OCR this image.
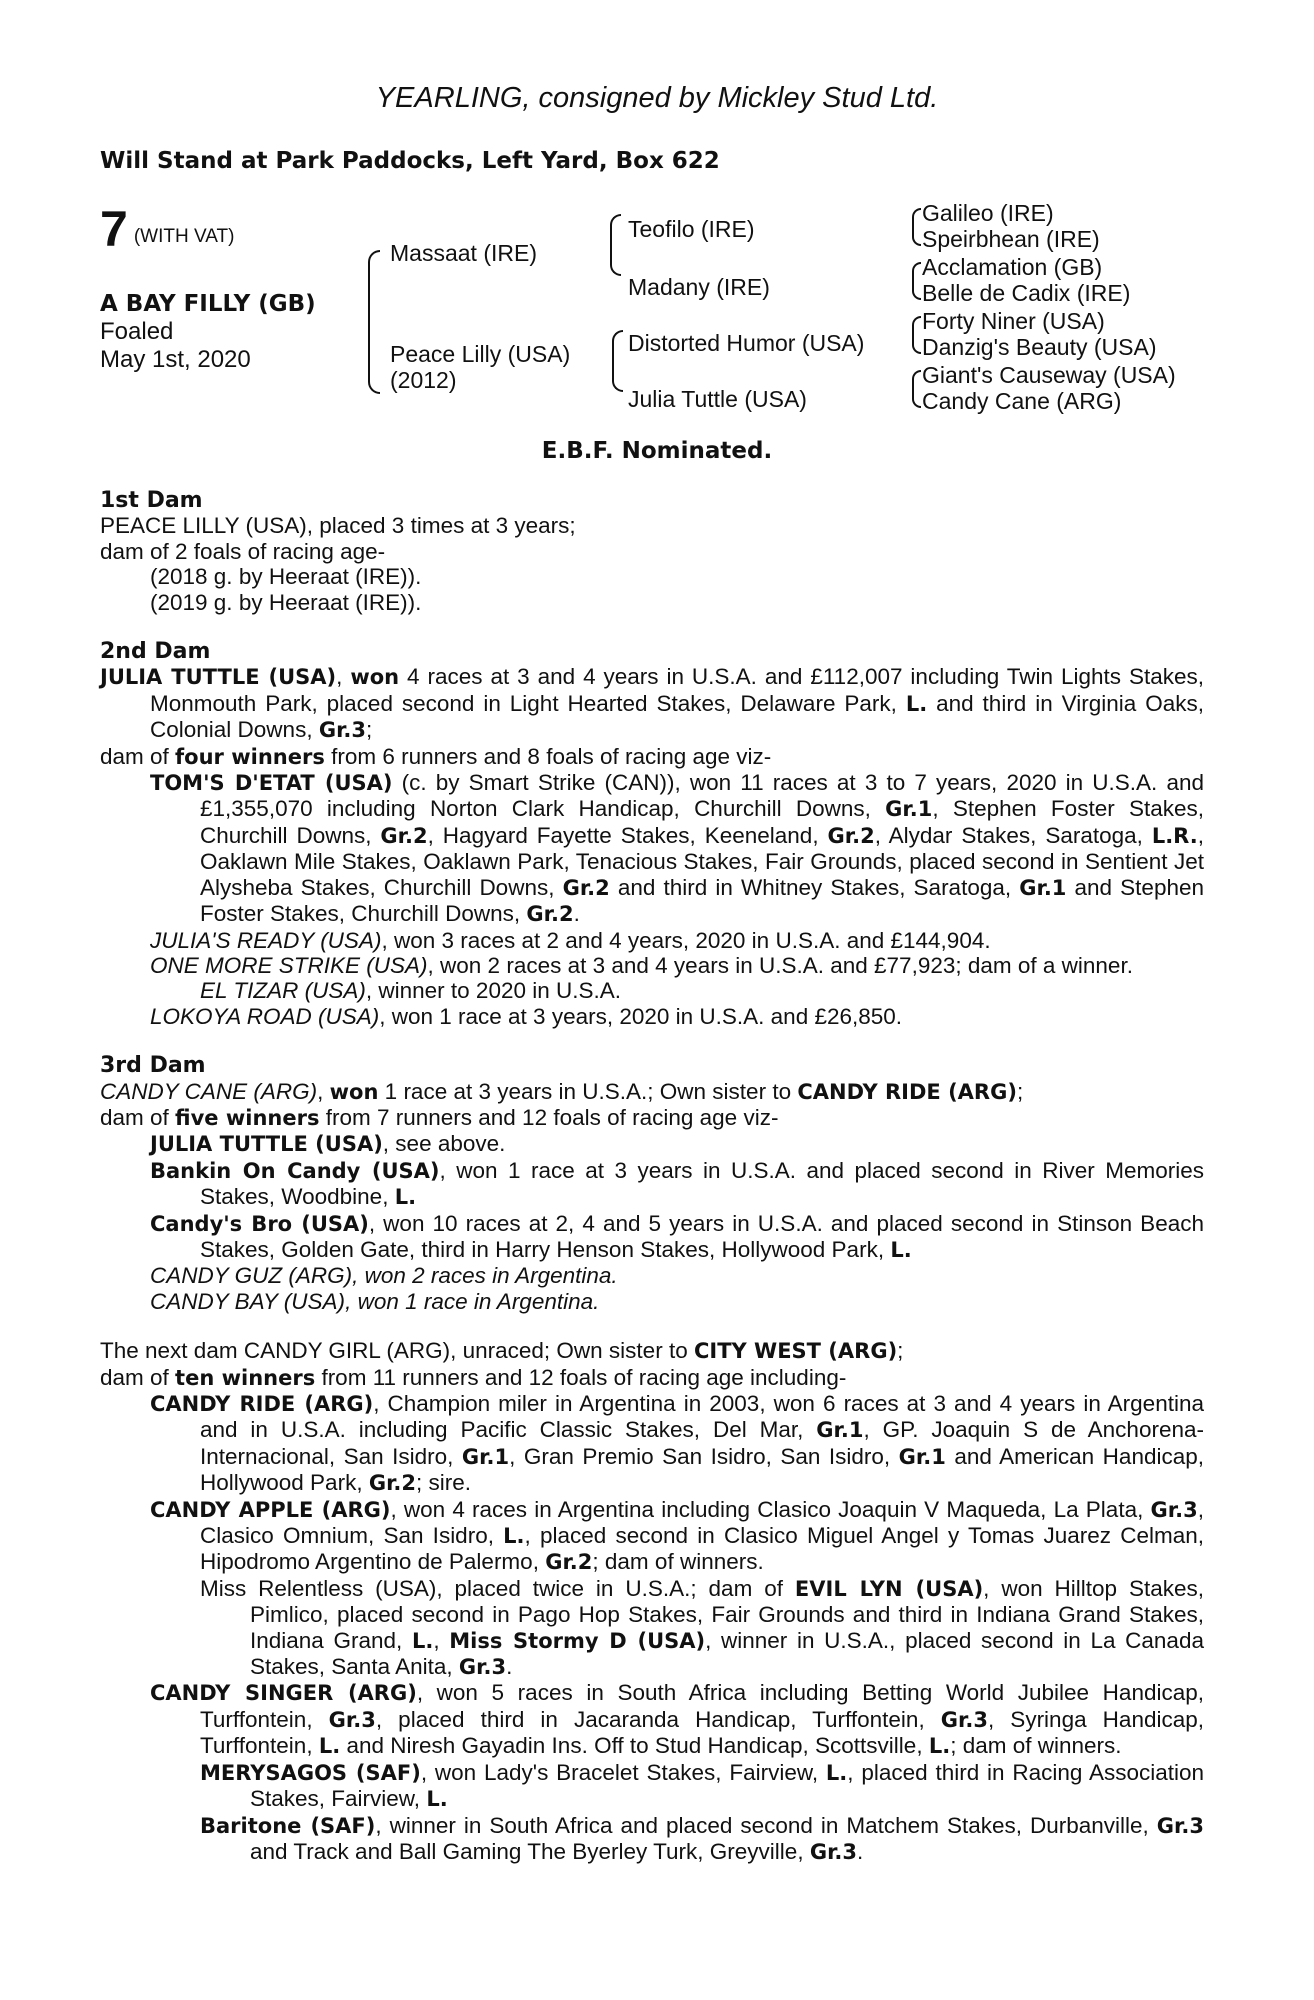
YEARLING, consigned by Mickley Stud Ltd.
Will Stand at Park Paddocks, Left Yard, Box 622
7 (WITH VAT)
A BAY FILLY (GB)
Foaled
May 1st, 2020
Massaat (IRE)
Peace Lilly (USA)
(2012)
Teofilo (IRE)
Madany (IRE)
Distorted Humor (USA)
Julia Tuttle (USA)
Galileo (IRE)
Speirbhean (IRE)
Acclamation (GB)
Belle de Cadix (IRE)
Forty Niner (USA)
Danzig's Beauty (USA)
Giant's Causeway (USA)
Candy Cane (ARG)
E.B.F. Nominated.

1st Dam

PEACE LILLY (USA), placed 3 times at 3 years;

dam of 2 foals of racing age-

(2018 g. by Heeraat (IRE)).

(2019 g. by Heeraat (IRE)).

2nd Dam

JULIA TUTTLE (USA), won 4 races at 3 and 4 years in U.S.A. and £112,007 including Twin Lights Stakes, Monmouth Park, placed second in Light Hearted Stakes, Delaware Park, L. and third in Virginia Oaks, Colonial Downs, Gr.3;

dam of four winners from 6 runners and 8 foals of racing age viz-

TOM'S D'ETAT (USA) (c. by Smart Strike (CAN)), won 11 races at 3 to 7 years, 2020 in U.S.A. and £1,355,070 including Norton Clark Handicap, Churchill Downs, Gr.1, Stephen Foster Stakes, Churchill Downs, Gr.2, Hagyard Fayette Stakes, Keeneland, Gr.2, Alydar Stakes, Saratoga, L.R., Oaklawn Mile Stakes, Oaklawn Park, Tenacious Stakes, Fair Grounds, placed second in Sentient Jet Alysheba Stakes, Churchill Downs, Gr.2 and third in Whitney Stakes, Saratoga, Gr.1 and Stephen Foster Stakes, Churchill Downs, Gr.2.

JULIA'S READY (USA), won 3 races at 2 and 4 years, 2020 in U.S.A. and £144,904.

ONE MORE STRIKE (USA), won 2 races at 3 and 4 years in U.S.A. and £77,923; dam of a winner.

EL TIZAR (USA), winner to 2020 in U.S.A.

LOKOYA ROAD (USA), won 1 race at 3 years, 2020 in U.S.A. and £26,850.

3rd Dam

CANDY CANE (ARG), won 1 race at 3 years in U.S.A.; Own sister to CANDY RIDE (ARG);

dam of five winners from 7 runners and 12 foals of racing age viz-

JULIA TUTTLE (USA), see above.

Bankin On Candy (USA), won 1 race at 3 years in U.S.A. and placed second in River Memories Stakes, Woodbine, L.

Candy's Bro (USA), won 10 races at 2, 4 and 5 years in U.S.A. and placed second in Stinson Beach Stakes, Golden Gate, third in Harry Henson Stakes, Hollywood Park, L.

CANDY GUZ (ARG), won 2 races in Argentina.

CANDY BAY (USA), won 1 race in Argentina.

The next dam CANDY GIRL (ARG), unraced; Own sister to CITY WEST (ARG);

dam of ten winners from 11 runners and 12 foals of racing age including-

CANDY RIDE (ARG), Champion miler in Argentina in 2003, won 6 races at 3 and 4 years in Argentina and in U.S.A. including Pacific Classic Stakes, Del Mar, Gr.1, GP. Joaquin S de Anchorena-Internacional, San Isidro, Gr.1, Gran Premio San Isidro, San Isidro, Gr.1 and American Handicap, Hollywood Park, Gr.2; sire.

CANDY APPLE (ARG), won 4 races in Argentina including Clasico Joaquin V Maqueda, La Plata, Gr.3, Clasico Omnium, San Isidro, L., placed second in Clasico Miguel Angel y Tomas Juarez Celman, Hipodromo Argentino de Palermo, Gr.2; dam of winners.

Miss Relentless (USA), placed twice in U.S.A.; dam of EVIL LYN (USA), won Hilltop Stakes, Pimlico, placed second in Pago Hop Stakes, Fair Grounds and third in Indiana Grand Stakes, Indiana Grand, L., Miss Stormy D (USA), winner in U.S.A., placed second in La Canada Stakes, Santa Anita, Gr.3.

CANDY SINGER (ARG), won 5 races in South Africa including Betting World Jubilee Handicap, Turffontein, Gr.3, placed third in Jacaranda Handicap, Turffontein, Gr.3, Syringa Handicap, Turffontein, L. and Niresh Gayadin Ins. Off to Stud Handicap, Scottsville, L.; dam of winners.

MERYSAGOS (SAF), won Lady's Bracelet Stakes, Fairview, L., placed third in Racing Association Stakes, Fairview, L.

Baritone (SAF), winner in South Africa and placed second in Matchem Stakes, Durbanville, Gr.3 and Track and Ball Gaming The Byerley Turk, Greyville, Gr.3.
